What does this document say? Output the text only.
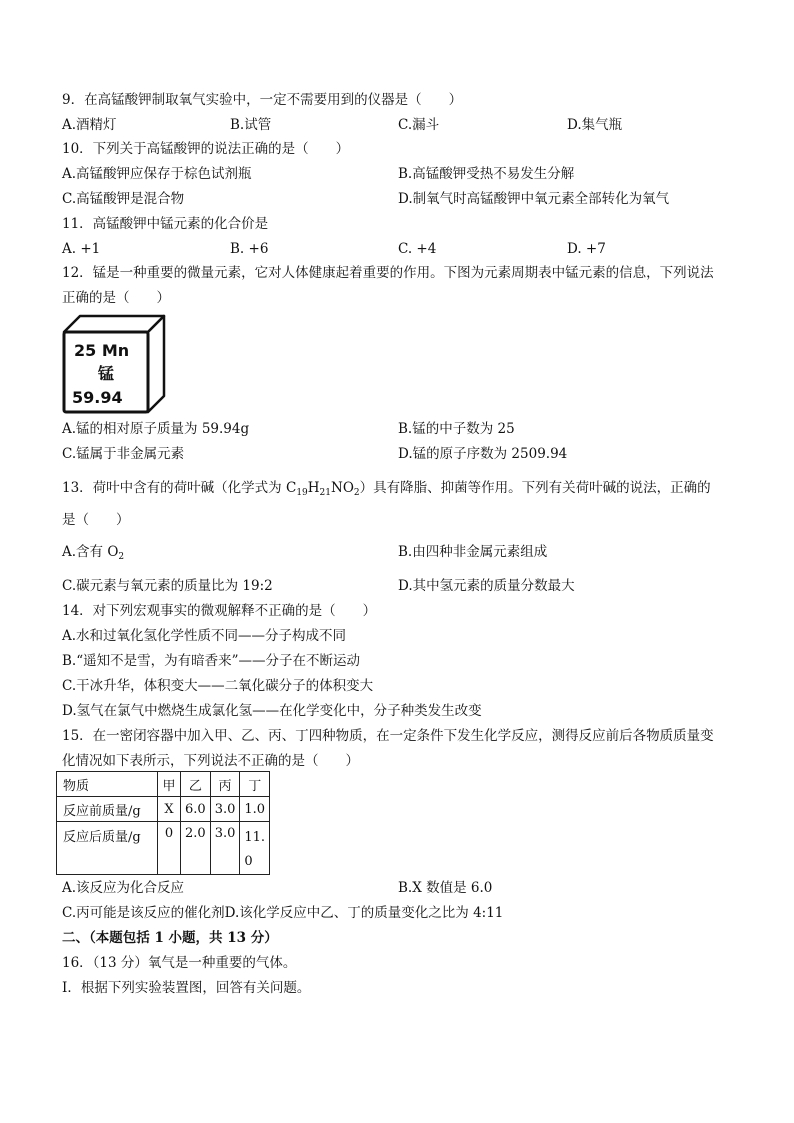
9．在高锰酸钾制取氧气实验中，一定不需要用到的仪器是（　　）
A.酒精灯	B.试管	C.漏斗	D.集气瓶
10．下列关于高锰酸钾的说法正确的是（　　）
A.高锰酸钾应保存于棕色试剂瓶	B.高锰酸钾受热不易发生分解
C.高锰酸钾是混合物	D.制氧气时高锰酸钾中氧元素全部转化为氧气
11．高锰酸钾中锰元素的化合价是
A. +1	B. +6	C. +4	D. +7
12．锰是一种重要的微量元素，它对人体健康起着重要的作用。下图为元素周期表中锰元素的信息，下列说法
正确的是（　　）
25 Mn
锰
59.94
A.锰的相对原子质量为 59.94g	B.锰的中子数为 25
C.锰属于非金属元素	D.锰的原子序数为 2509.94
13．荷叶中含有的荷叶碱（化学式为 $C_{19}H_{21}NO_2$）具有降脂、抑菌等作用。下列有关荷叶碱的说法，正确的
是（　　）
A.含有 $O_2$	B.由四种非金属元素组成
C.碳元素与氧元素的质量比为 19:2	D.其中氢元素的质量分数最大
14．对下列宏观事实的微观解释不正确的是（　　）
A.水和过氧化氢化学性质不同——分子构成不同
B.“遥知不是雪，为有暗香来”——分子在不断运动
C.干冰升华，体积变大——二氧化碳分子的体积变大
D.氢气在氯气中燃烧生成氯化氢——在化学变化中，分子种类发生改变
15．在一密闭容器中加入甲、乙、丙、丁四种物质，在一定条件下发生化学反应，测得反应前后各物质质量变
化情况如下表所示，下列说法不正确的是（　　）
物质	甲	乙	丙	丁
反应前质量/g	X	6.0	3.0	1.0
反应后质量/g	0	2.0	3.0	11.
0
A.该反应为化合反应	B.X 数值是 6.0
C.丙可能是该反应的催化剂D.该化学反应中乙、丁的质量变化之比为 4:11
二、（本题包括 1 小题，共 13 分）
16．（13 分）氧气是一种重要的气体。
Ⅰ．根据下列实验装置图，回答有关问题。
